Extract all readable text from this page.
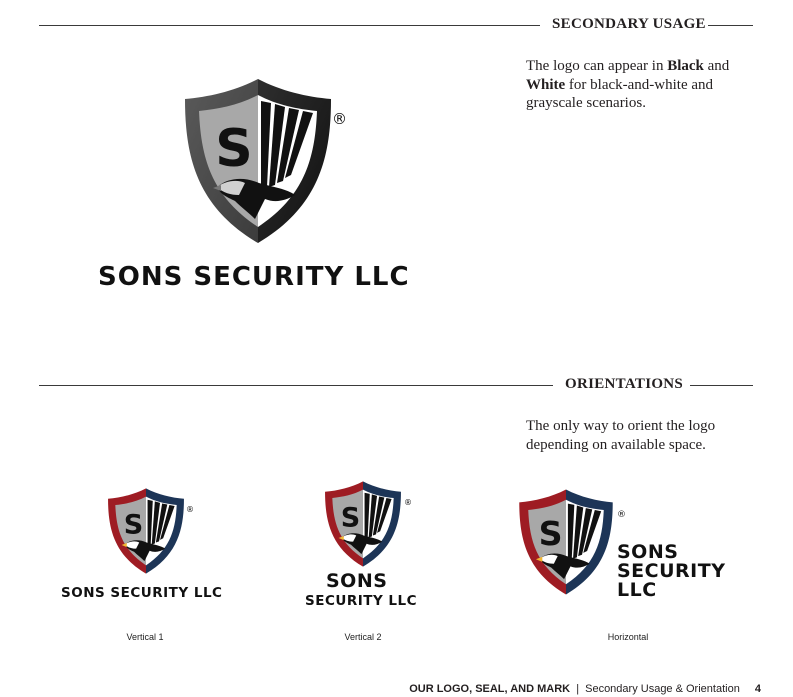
SECONDARY USAGE
The logo can appear in Black and
White for black-and-white and grayscale scenarios.
S	®
SONS SECURITY LLC
ORIENTATIONS
The only way to orient the logo depending on available space.
S
®
SONS SECURITY LLC
Vertical 1
S
®
SONS
SECURITY LLC
Vertical 2
S	®
SONS
SECURITY
LLC
Horizontal
OUR LOGO, SEAL, AND MARK | Secondary Usage & Orientation 4
